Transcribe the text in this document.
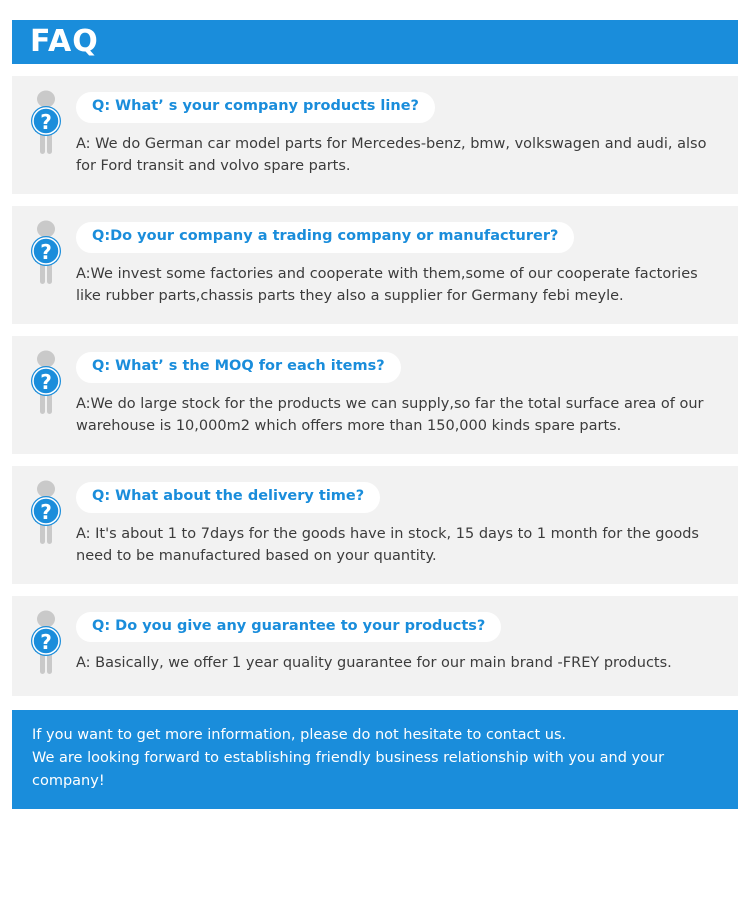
FAQ
?
Q: What’ s your company products line?
A: We do German car model parts for Mercedes-benz, bmw, volkswagen and audi, also for Ford transit and volvo spare parts.
?
Q:Do your company a trading company or manufacturer?
A:We invest some factories and cooperate with them,some of our cooperate factories like rubber parts,chassis parts they also a supplier for Germany febi meyle.
?
Q: What’ s the MOQ for each items?
A:We do large stock for the products we can supply,so far the total surface area of our warehouse is 10,000m2 which offers more than 150,000 kinds spare parts.
?
Q: What about the delivery time?
A: It's about 1 to 7days for the goods have in stock, 15 days to 1 month for the goods need to be manufactured based on your quantity.
?
Q: Do you give any guarantee to your products?
A: Basically, we offer 1 year quality guarantee for our main brand -FREY products.
If you want to get more information, please do not hesitate to contact us.
We are looking forward to establishing friendly business relationship with you and your company!
